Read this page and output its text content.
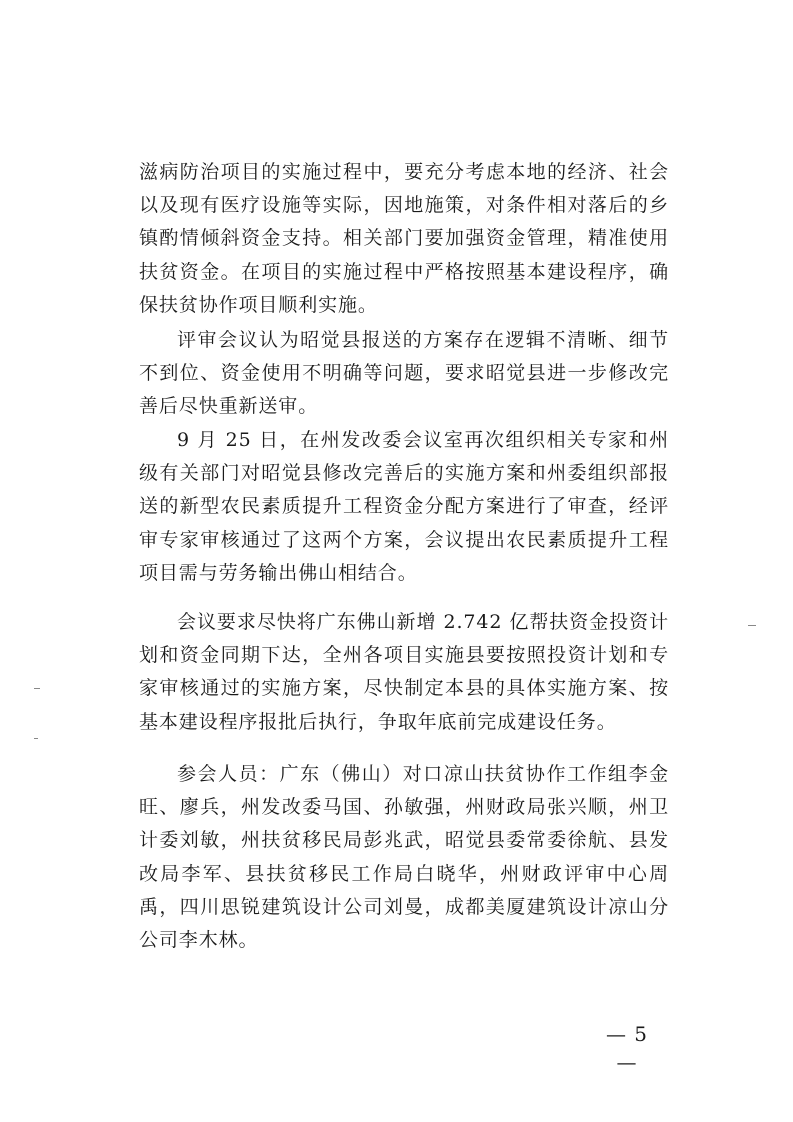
滋病防治项目的实施过程中，要充分考虑本地的经济、社会以及现有医疗设施等实际，因地施策，对条件相对落后的乡镇酌情倾斜资金支持。相关部门要加强资金管理，精准使用扶贫资金。在项目的实施过程中严格按照基本建设程序，确保扶贫协作项目顺利实施。

评审会议认为昭觉县报送的方案存在逻辑不清晰、细节不到位、资金使用不明确等问题，要求昭觉县进一步修改完善后尽快重新送审。

9 月 25 日，在州发改委会议室再次组织相关专家和州级有关部门对昭觉县修改完善后的实施方案和州委组织部报送的新型农民素质提升工程资金分配方案进行了审查，经评审专家审核通过了这两个方案，会议提出农民素质提升工程项目需与劳务输出佛山相结合。

会议要求尽快将广东佛山新增 2.742 亿帮扶资金投资计划和资金同期下达，全州各项目实施县要按照投资计划和专家审核通过的实施方案，尽快制定本县的具体实施方案、按基本建设程序报批后执行，争取年底前完成建设任务。

参会人员：广东（佛山）对口凉山扶贫协作工作组李金旺、廖兵，州发改委马国、孙敏强，州财政局张兴顺，州卫计委刘敏，州扶贫移民局彭兆武，昭觉县委常委徐航、县发改局李军、县扶贫移民工作局白晓华，州财政评审中心周禹，四川思锐建筑设计公司刘曼，成都美厦建筑设计凉山分公司李木林。

— 5 —
